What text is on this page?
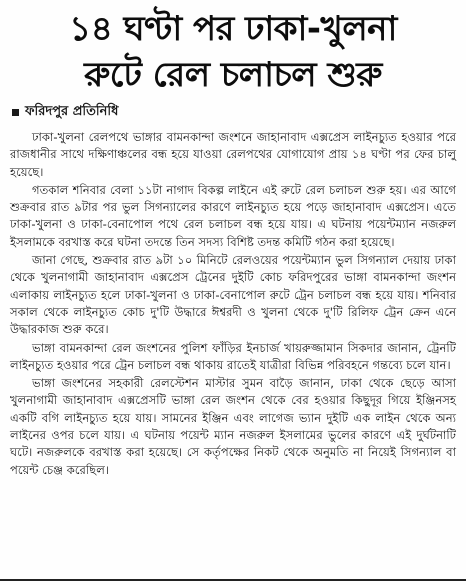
১৪ ঘণ্টা পর ঢাকা-খুলনা
রুটে রেল চলাচল শুরু
ফরিদপুর প্রতিনিধি

ঢাকা-খুলনা রেলপথে ভাঙ্গার বামনকান্দা জংশনে জাহানাবাদ এক্সপ্রেস লাইনচ্যুত হওয়ার পরে রাজধানীর সাথে দক্ষিণাঞ্চলের বন্ধ হয়ে যাওয়া রেলপথের যোগাযোগ প্রায় ১৪ ঘণ্টা পর ফের চালু হয়েছে।

গতকাল শনিবার বেলা ১১টা নাগাদ বিকল্প লাইনে এই রুটে রেল চলাচল শুরু হয়। এর আগে শুক্রবার রাত ৯টার পর ভুল সিগন্যালের কারণে লাইনচ্যুত হয়ে পড়ে জাহানাবাদ এক্সপ্রেস। এতে ঢাকা-খুলনা ও ঢাকা-বেনাপোল পথে রেল চলাচল বন্ধ হয়ে যায়। এ ঘটনায় পয়েন্টম্যান নজরুল ইসলামকে বরখাস্ত করে ঘটনা তদন্তে তিন সদস্য বিশিষ্ট তদন্ত কমিটি গঠন করা হয়েছে।

জানা গেছে, শুক্রবার রাত ৯টা ১০ মিনিটে রেলওয়ের পয়েন্টম্যান ভুল সিগন্যাল দেয়ায় ঢাকা থেকে খুলনাগামী জাহানাবাদ এক্সপ্রেস ট্রেনের দুইটি কোচ ফরিদপুরের ভাঙ্গা বামনকান্দা জংশন এলাকায় লাইনচ্যুত হলে ঢাকা-খুলনা ও ঢাকা-বেনাপোল রুটে ট্রেন চলাচল বন্ধ হয়ে যায়। শনিবার সকাল থেকে লাইনচ্যুত কোচ দু'টি উদ্ধারে ঈশ্বরদী ও খুলনা থেকে দু'টি রিলিফ ট্রেন ক্রেন এনে উদ্ধারকাজ শুরু করে।

ভাঙ্গা বামনকান্দা রেল জংশনের পুলিশ ফাঁড়ির ইনচার্জ খায়রুজ্জামান সিকদার জানান, ট্রেনটি লাইনচ্যুত হওয়ার পরে ট্রেন চলাচল বন্ধ থাকায় রাতেই যাত্রীরা বিভিন্ন পরিবহনে গন্তব্যে চলে যান।

ভাঙ্গা জংশনের সহকারী রেলস্টেশন মাস্টার সুমন বাড়ৈ জানান, ঢাকা থেকে ছেড়ে আসা খুলনাগামী জাহানাবাদ এক্সপ্রেসটি ভাঙ্গা রেল জংশন থেকে বের হওয়ার কিছুদূর গিয়ে ইঞ্জিনসহ একটি বগি লাইনচ্যুত হয়ে যায়। সামনের ইঞ্জিন এবং লাগেজ ভ্যান দুইটি এক লাইন থেকে অন্য লাইনের ওপর চলে যায়। এ ঘটনায় পয়েন্ট ম্যান নজরুল ইসলামের ভুলের কারণে এই দুর্ঘটনাটি ঘটে। নজরুলকে বরখাস্ত করা হয়েছে। সে কর্তৃপক্ষের নিকট থেকে অনুমতি না নিয়েই সিগন্যাল বা পয়েন্ট চেঞ্জ করেছিল।
